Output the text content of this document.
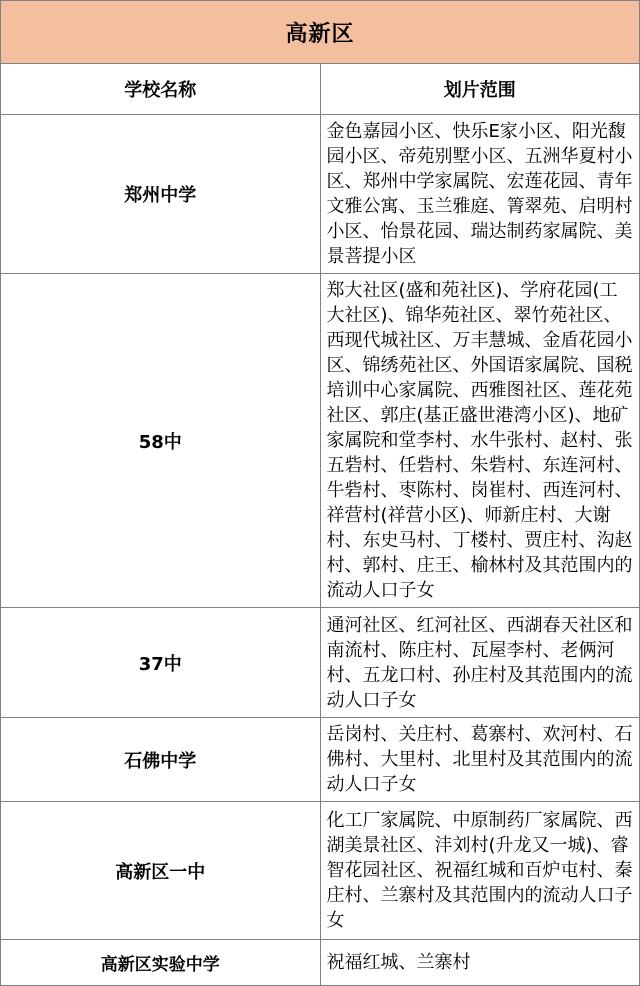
高新区	
学校名称	划片范围
郑州中学	金色嘉园小区、快乐E家小区、阳光馥园小区、帝苑别墅小区、五洲华夏村小区、郑州中学家属院、宏莲花园、青年文雅公寓、玉兰雅庭、箐翠苑、启明村小区、怡景花园、瑞达制药家属院、美景菩提小区
58中	郑大社区(盛和苑社区)、学府花园(工大社区)、锦华苑社区、翠竹苑社区、西现代城社区、万丰慧城、金盾花园小区、锦绣苑社区、外国语家属院、国税培训中心家属院、西雅图社区、莲花苑社区、郭庄(基正盛世港湾小区)、地矿家属院和堂李村、水牛张村、赵村、张五砦村、任砦村、朱砦村、东连河村、牛砦村、枣陈村、岗崔村、西连河村、祥营村(祥营小区)、师新庄村、大谢村、东史马村、丁楼村、贾庄村、沟赵村、郭村、庄王、榆林村及其范围内的流动人口子女
37中	通河社区、红河社区、西湖春天社区和南流村、陈庄村、瓦屋李村、老俩河村、五龙口村、孙庄村及其范围内的流动人口子女
石佛中学	岳岗村、关庄村、葛寨村、欢河村、石佛村、大里村、北里村及其范围内的流动人口子女
高新区一中	化工厂家属院、中原制药厂家属院、西湖美景社区、沣刘村(升龙又一城)、睿智花园社区、祝福红城和百炉屯村、秦庄村、兰寨村及其范围内的流动人口子女
高新区实验中学	祝福红城、兰寨村
